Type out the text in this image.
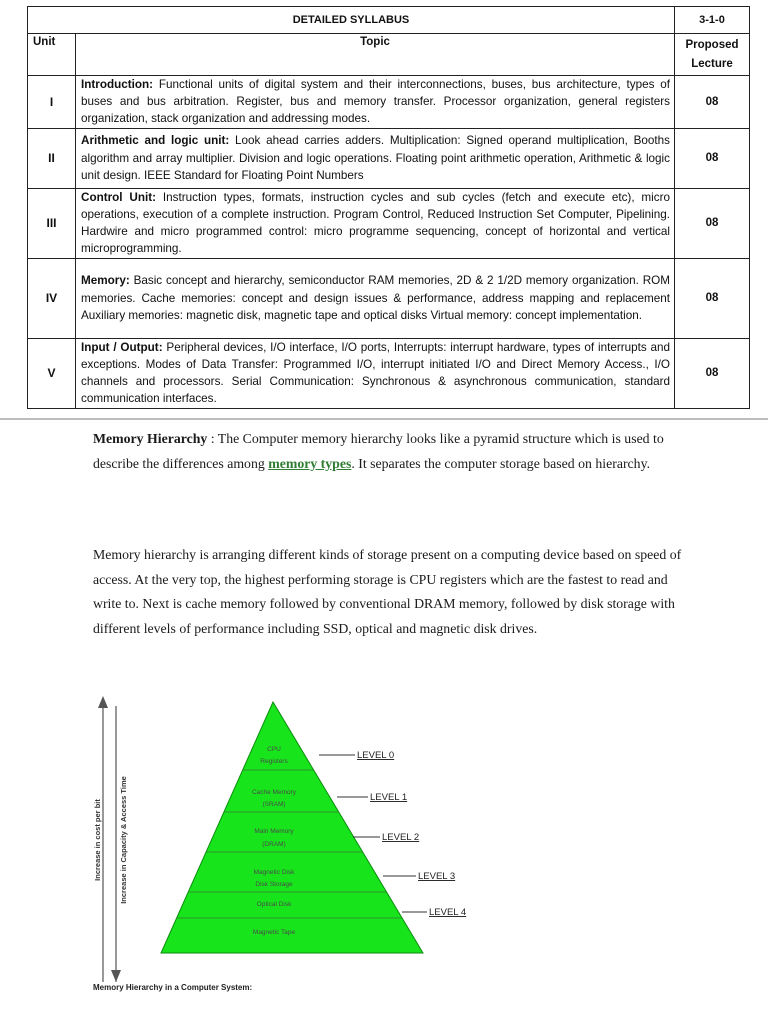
DETAILED SYLLABUS		3-1-0
Unit	Topic	Proposed
Lecture
I	Introduction: Functional units of digital system and their interconnections, buses, bus architecture, types of buses and bus arbitration. Register, bus and memory transfer. Processor organization, general registers organization, stack organization and addressing modes.	08
II	Arithmetic and logic unit: Look ahead carries adders. Multiplication: Signed operand multiplication, Booths algorithm and array multiplier. Division and logic operations. Floating point arithmetic operation, Arithmetic & logic unit design. IEEE Standard for Floating Point Numbers	08
III	Control Unit: Instruction types, formats, instruction cycles and sub cycles (fetch and execute etc), micro operations, execution of a complete instruction. Program Control, Reduced Instruction Set Computer, Pipelining. Hardwire and micro programmed control: micro programme sequencing, concept of horizontal and vertical microprogramming.	08
IV	Memory: Basic concept and hierarchy, semiconductor RAM memories, 2D & 2 1/2D memory organization. ROM memories. Cache memories: concept and design issues & performance, address mapping and replacement Auxiliary memories: magnetic disk, magnetic tape and optical disks Virtual memory: concept implementation.	08
V	Input / Output: Peripheral devices, I/O interface, I/O ports, Interrupts: interrupt hardware, types of interrupts and exceptions. Modes of Data Transfer: Programmed I/O, interrupt initiated I/O and Direct Memory Access., I/O channels and processors. Serial Communication: Synchronous & asynchronous communication, standard communication interfaces.	08

Memory Hierarchy : The Computer memory hierarchy looks like a pyramid structure which is used to describe the differences among memory types. It separates the computer storage based on hierarchy.

Memory hierarchy is arranging different kinds of storage present on a computing device based on speed of access. At the very top, the highest performing storage is CPU registers which are the fastest to read and write to. Next is cache memory followed by conventional DRAM memory, followed by disk storage with different levels of performance including SSD, optical and magnetic disk drives.

Increase in cost per bit Increase in Capacity & Access Time
CPU
Registers
Cache Memory
(SRAM)
Main Memory
(DRAM)
Magnetic Disk
Disk Storage
Optical Disk
Magnetic Tape
LEVEL 0
LEVEL 1
LEVEL 2
LEVEL 3
LEVEL 4
Memory Hierarchy in a Computer System:
